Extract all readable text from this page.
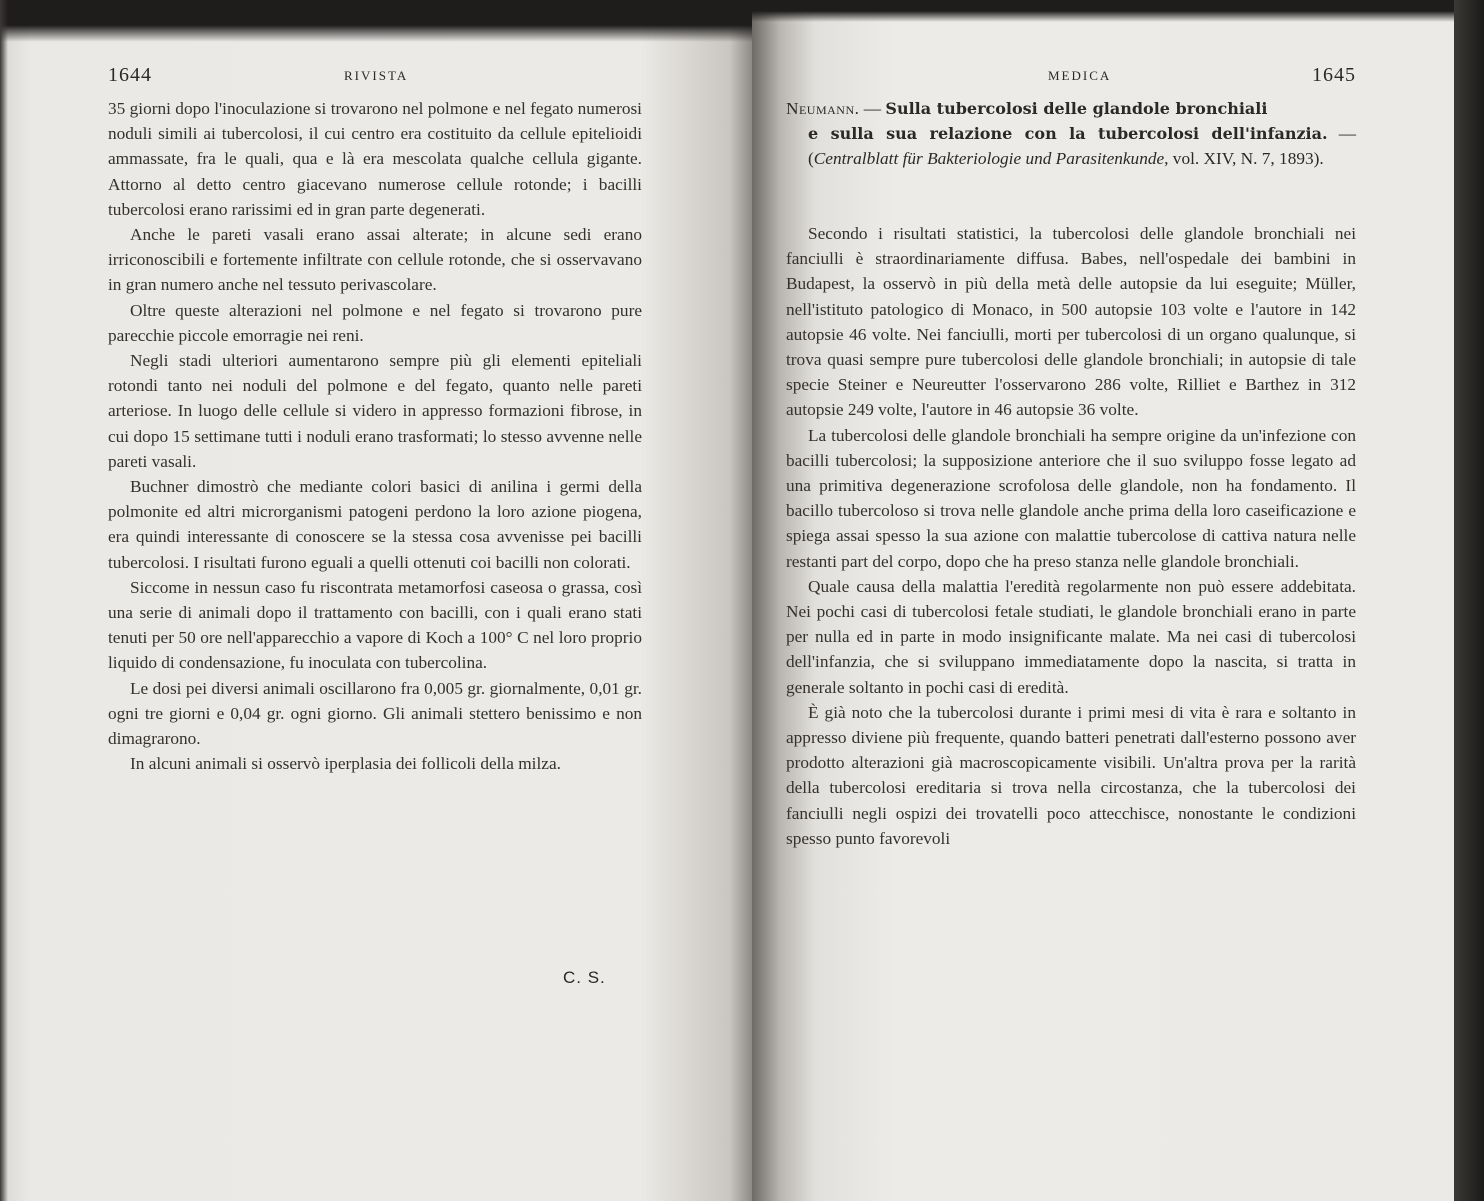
1644	RIVISTA

35 giorni dopo l'inoculazione si trovarono nel polmone e nel fegato numerosi noduli simili ai tubercolosi, il cui centro era costituito da cellule epitelioidi ammassate, fra le quali, qua e là era mescolata qualche cellula gigante. Attorno al detto centro giacevano numerose cellule rotonde; i bacilli tubercolosi erano rarissimi ed in gran parte degenerati.

Anche le pareti vasali erano assai alterate; in alcune sedi erano irriconoscibili e fortemente infiltrate con cellule rotonde, che si osservavano in gran numero anche nel tessuto perivascolare.

Oltre queste alterazioni nel polmone e nel fegato si trovarono pure parecchie piccole emorragie nei reni.

Negli stadi ulteriori aumentarono sempre più gli elementi epiteliali rotondi tanto nei noduli del polmone e del fegato, quanto nelle pareti arteriose. In luogo delle cellule si videro in appresso formazioni fibrose, in cui dopo 15 settimane tutti i noduli erano trasformati; lo stesso avvenne nelle pareti vasali.

Buchner dimostrò che mediante colori basici di anilina i germi della polmonite ed altri microrganismi patogeni perdono la loro azione piogena, era quindi interessante di conoscere se la stessa cosa avvenisse pei bacilli tubercolosi. I risultati furono eguali a quelli ottenuti coi bacilli non colorati.

Siccome in nessun caso fu riscontrata metamorfosi caseosa o grassa, così una serie di animali dopo il trattamento con bacilli, con i quali erano stati tenuti per 50 ore nell'apparecchio a vapore di Koch a 100° C nel loro proprio liquido di condensazione, fu inoculata con tubercolina.

Le dosi pei diversi animali oscillarono fra 0,005 gr. giornalmente, 0,01 gr. ogni tre giorni e 0,04 gr. ogni giorno. Gli animali stettero benissimo e non dimagrarono.

In alcuni animali si osservò iperplasia dei follicoli della milza.

C. S.
MEDICA	1645
Neumann. — Sulla tubercolosi delle glandole bronchiali
e sulla sua relazione con la tubercolosi dell'infanzia. — (Centralblatt für Bakteriologie und Parasitenkunde, vol. XIV, N. 7, 1893).

Secondo i risultati statistici, la tubercolosi delle glandole bronchiali nei fanciulli è straordinariamente diffusa. Babes, nell'ospedale dei bambini in Budapest, la osservò in più della metà delle autopsie da lui eseguite; Müller, nell'istituto patologico di Monaco, in 500 autopsie 103 volte e l'autore in 142 autopsie 46 volte. Nei fanciulli, morti per tubercolosi di un organo qualunque, si trova quasi sempre pure tubercolosi delle glandole bronchiali; in autopsie di tale specie Steiner e Neureutter l'osservarono 286 volte, Rilliet e Barthez in 312 autopsie 249 volte, l'autore in 46 autopsie 36 volte.

La tubercolosi delle glandole bronchiali ha sempre origine da un'infezione con bacilli tubercolosi; la supposizione anteriore che il suo sviluppo fosse legato ad una primitiva degenerazione scrofolosa delle glandole, non ha fondamento. Il bacillo tubercoloso si trova nelle glandole anche prima della loro caseificazione e spiega assai spesso la sua azione con malattie tubercolose di cattiva natura nelle restanti part del corpo, dopo che ha preso stanza nelle glandole bronchiali.

Quale causa della malattia l'eredità regolarmente non può essere addebitata. Nei pochi casi di tubercolosi fetale studiati, le glandole bronchiali erano in parte per nulla ed in parte in modo insignificante malate. Ma nei casi di tubercolosi dell'infanzia, che si sviluppano immediatamente dopo la nascita, si tratta in generale soltanto in pochi casi di eredità.

È già noto che la tubercolosi durante i primi mesi di vita è rara e soltanto in appresso diviene più frequente, quando batteri penetrati dall'esterno possono aver prodotto alterazioni già macroscopicamente visibili. Un'altra prova per la rarità della tubercolosi ereditaria si trova nella circostanza, che la tubercolosi dei fanciulli negli ospizi dei trovatelli poco attecchisce, nonostante le condizioni spesso punto favorevoli
